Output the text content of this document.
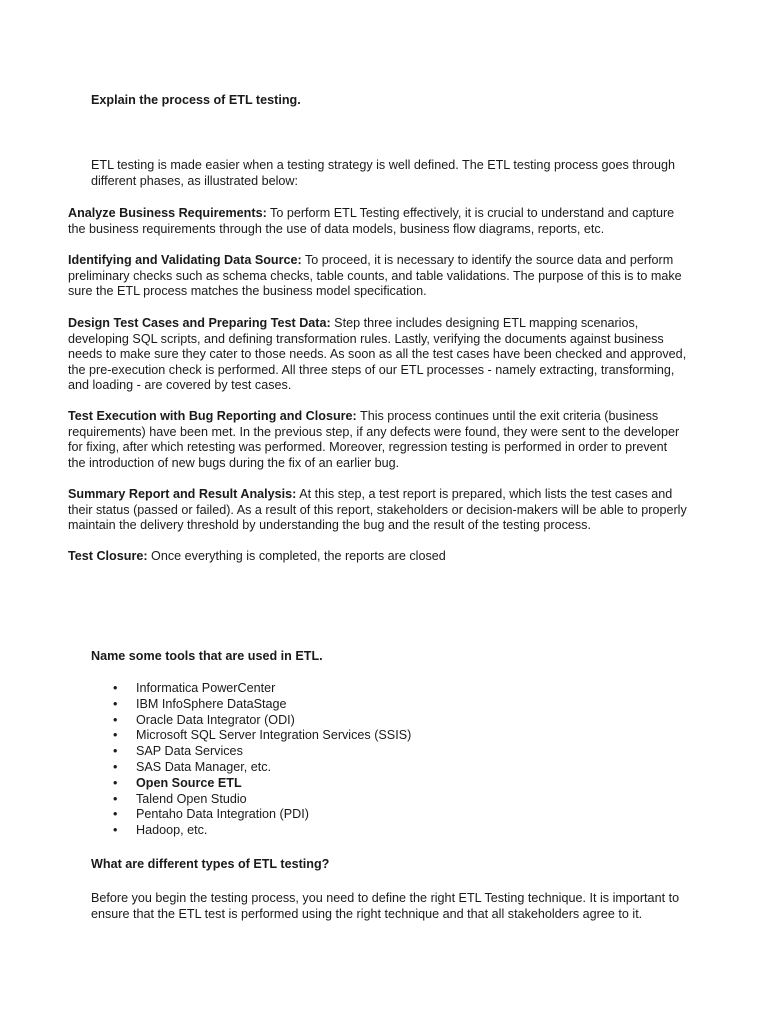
Explain the process of ETL testing.

ETL testing is made easier when a testing strategy is well defined. The ETL testing process goes through different phases, as illustrated below:

Analyze Business Requirements: To perform ETL Testing effectively, it is crucial to understand and capture the business requirements through the use of data models, business flow diagrams, reports, etc.

Identifying and Validating Data Source: To proceed, it is necessary to identify the source data and perform preliminary checks such as schema checks, table counts, and table validations. The purpose of this is to make sure the ETL process matches the business model specification.

Design Test Cases and Preparing Test Data: Step three includes designing ETL mapping scenarios, developing SQL scripts, and defining transformation rules. Lastly, verifying the documents against business needs to make sure they cater to those needs. As soon as all the test cases have been checked and approved, the pre-execution check is performed. All three steps of our ETL processes - namely extracting, transforming, and loading - are covered by test cases.

Test Execution with Bug Reporting and Closure: This process continues until the exit criteria (business requirements) have been met. In the previous step, if any defects were found, they were sent to the developer for fixing, after which retesting was performed. Moreover, regression testing is performed in order to prevent the introduction of new bugs during the fix of an earlier bug.

Summary Report and Result Analysis: At this step, a test report is prepared, which lists the test cases and their status (passed or failed). As a result of this report, stakeholders or decision-makers will be able to properly maintain the delivery threshold by understanding the bug and the result of the testing process.

Test Closure: Once everything is completed, the reports are closed

Name some tools that are used in ETL.

• Informatica PowerCenter
• IBM InfoSphere DataStage
• Oracle Data Integrator (ODI)
• Microsoft SQL Server Integration Services (SSIS)
• SAP Data Services
• SAS Data Manager, etc.
• Open Source ETL
• Talend Open Studio
• Pentaho Data Integration (PDI)
• Hadoop, etc.

What are different types of ETL testing?

Before you begin the testing process, you need to define the right ETL Testing technique. It is important to ensure that the ETL test is performed using the right technique and that all stakeholders agree to it.
